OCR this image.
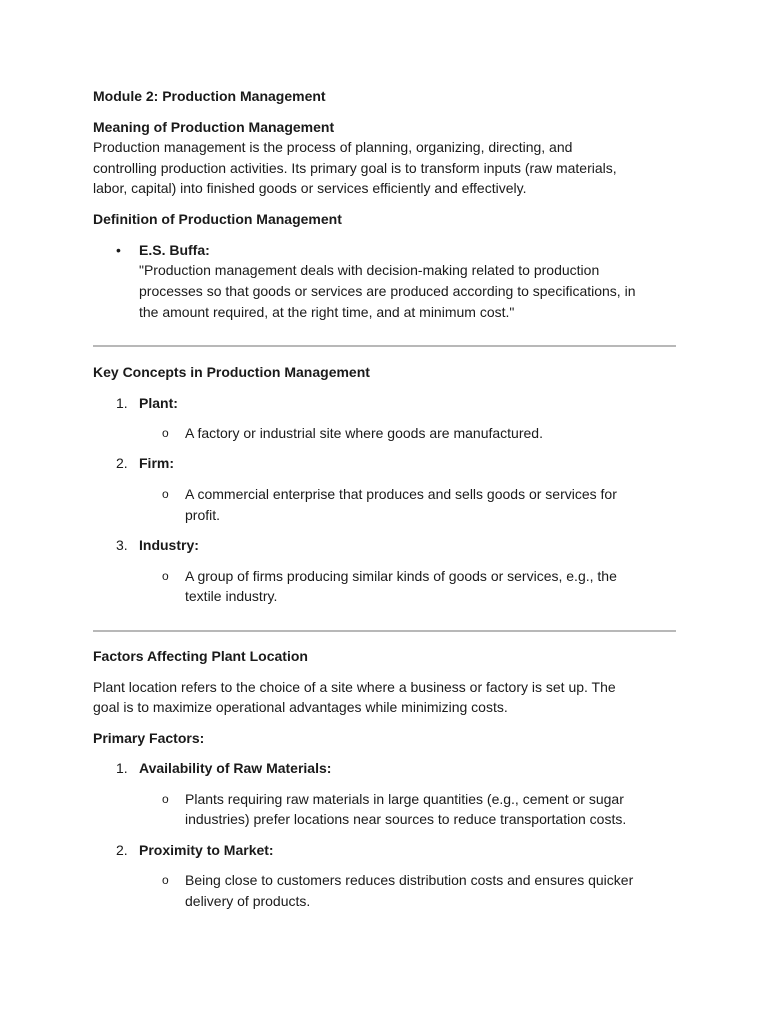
Module 2: Production Management
Meaning of Production Management
Production management is the process of planning, organizing, directing, and
controlling production activities. Its primary goal is to transform inputs (raw materials,
labor, capital) into finished goods or services efficiently and effectively.
Definition of Production Management
• E.S. Buffa:
"Production management deals with decision-making related to production
processes so that goods or services are produced according to specifications, in
the amount required, at the right time, and at minimum cost."
Key Concepts in Production Management
1. Plant:
o A factory or industrial site where goods are manufactured.
2. Firm:
o A commercial enterprise that produces and sells goods or services for
profit.
3. Industry:
o A group of firms producing similar kinds of goods or services, e.g., the
textile industry.
Factors Affecting Plant Location
Plant location refers to the choice of a site where a business or factory is set up. The
goal is to maximize operational advantages while minimizing costs.
Primary Factors:
1. Availability of Raw Materials:
o Plants requiring raw materials in large quantities (e.g., cement or sugar
industries) prefer locations near sources to reduce transportation costs.
2. Proximity to Market:
o Being close to customers reduces distribution costs and ensures quicker
delivery of products.
